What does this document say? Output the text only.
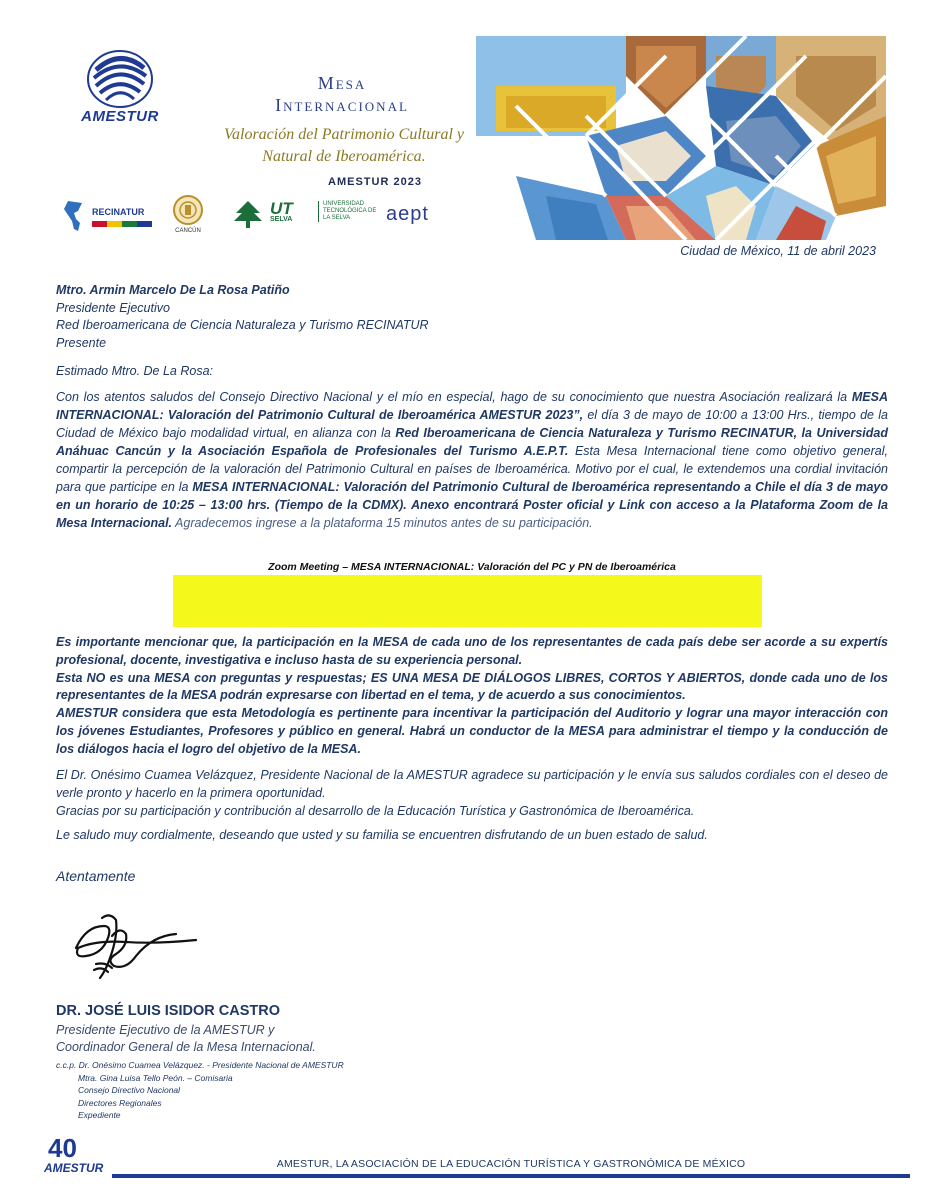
AMESTUR
Mesa
Internacional
Valoración del Patrimonio Cultural y
Natural de Iberoamérica.
AMESTUR 2023
RECINATUR
CANCÚN
UT
SELVA
UNIVERSIDAD TECNOLÓGICA DE LA SELVA	aept
Ciudad de México, 11 de abril 2023
Mtro. Armin Marcelo De La Rosa Patiño
Presidente Ejecutivo
Red Iberoamericana de Ciencia Naturaleza y Turismo RECINATUR
Presente
Estimado Mtro. De La Rosa:
Con los atentos saludos del Consejo Directivo Nacional y el mío en especial, hago de su conocimiento que nuestra Asociación realizará la MESA INTERNACIONAL: Valoración del Patrimonio Cultural de Iberoamérica AMESTUR 2023”, el día 3 de mayo de 10:00 a 13:00 Hrs., tiempo de la Ciudad de México bajo modalidad virtual, en alianza con la Red Iberoamericana de Ciencia Naturaleza y Turismo RECINATUR, la Universidad Anáhuac Cancún y la Asociación Española de Profesionales del Turismo A.E.P.T. Esta Mesa Internacional tiene como objetivo general, compartir la percepción de la valoración del Patrimonio Cultural en países de Iberoamérica. Motivo por el cual, le extendemos una cordial invitación para que participe en la MESA INTERNACIONAL: Valoración del Patrimonio Cultural de Iberoamérica representando a Chile el día 3 de mayo en un horario de 10:25 – 13:00 hrs. (Tiempo de la CDMX). Anexo encontrará Poster oficial y Link con acceso a la Plataforma Zoom de la Mesa Internacional. Agradecemos ingrese a la plataforma 15 minutos antes de su participación.
Zoom Meeting – MESA INTERNACIONAL: Valoración del PC y PN de Iberoamérica

Es importante mencionar que, la participación en la MESA de cada uno de los representantes de cada país debe ser acorde a su expertís profesional, docente, investigativa e incluso hasta de su experiencia personal.

Esta NO es una MESA con preguntas y respuestas; ES UNA MESA DE DIÁLOGOS LIBRES, CORTOS Y ABIERTOS, donde cada uno de los representantes de la MESA podrán expresarse con libertad en el tema, y de acuerdo a sus conocimientos.

AMESTUR considera que esta Metodología es pertinente para incentivar la participación del Auditorio y lograr una mayor interacción con los jóvenes Estudiantes, Profesores y público en general. Habrá un conductor de la MESA para administrar el tiempo y la conducción de los diálogos hacia el logro del objetivo de la MESA.

El Dr. Onésimo Cuamea Velázquez, Presidente Nacional de la AMESTUR agradece su participación y le envía sus saludos cordiales con el deseo de verle pronto y hacerlo en la primera oportunidad.

Gracias por su participación y contribución al desarrollo de la Educación Turística y Gastronómica de Iberoamérica.

Le saludo muy cordialmente, deseando que usted y su familia se encuentren disfrutando de un buen estado de salud.

Atentamente
DR. JOSÉ LUIS ISIDOR CASTRO
Presidente Ejecutivo de la AMESTUR y
Coordinador General de la Mesa Internacional.
c.c.p. Dr. Onésimo Cuamea Velázquez. - Presidente Nacional de AMESTUR
Mtra. Gina Luisa Tello Peón. – Comisaria
Consejo Directivo Nacional
Directores Regionales
Expediente
40
AMESTUR	AMESTUR, LA ASOCIACIÓN DE LA EDUCACIÓN TURÍSTICA Y GASTRONÓMICA DE MÉXICO
